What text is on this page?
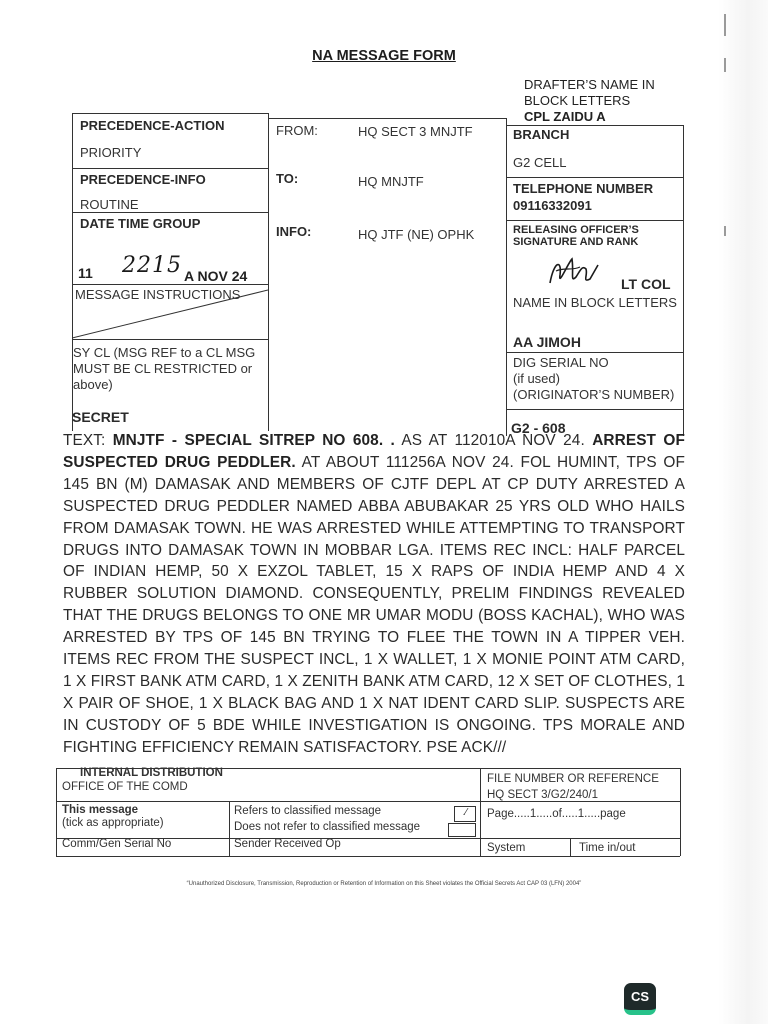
NA MESSAGE FORM
DRAFTER’S NAME IN
BLOCK LETTERS
CPL ZAIDU A
PRECEDENCE-ACTION
PRIORITY
PRECEDENCE-INFO
ROUTINE
DATE TIME GROUP
11 2215 A NOV 24
MESSAGE INSTRUCTIONS
SY CL (MSG REF to a CL MSG
MUST BE CL RESTRICTED or
above)
SECRET
FROM:	HQ SECT 3 MNJTF
TO:	HQ MNJTF
INFO:	HQ JTF (NE) OPHK
BRANCH
G2 CELL
TELEPHONE NUMBER
09116332091
RELEASING OFFICER’S
SIGNATURE AND RANK
LT COL
NAME IN BLOCK LETTERS
AA JIMOH
DIG SERIAL NO
(if used)
(ORIGINATOR’S NUMBER)
G2 - 608
TEXT: MNJTF - SPECIAL SITREP NO 608. . AS AT 112010A NOV 24. ARREST OF SUSPECTED DRUG PEDDLER. AT ABOUT 111256A NOV 24. FOL HUMINT, TPS OF 145 BN (M) DAMASAK AND MEMBERS OF CJTF DEPL AT CP DUTY ARRESTED A SUSPECTED DRUG PEDDLER NAMED ABBA ABUBAKAR 25 YRS OLD WHO HAILS FROM DAMASAK TOWN. HE WAS ARRESTED WHILE ATTEMPTING TO TRANSPORT DRUGS INTO DAMASAK TOWN IN MOBBAR LGA. ITEMS REC INCL: HALF PARCEL OF INDIAN HEMP, 50 X EXZOL TABLET, 15 X RAPS OF INDIA HEMP AND 4 X RUBBER SOLUTION DIAMOND. CONSEQUENTLY, PRELIM FINDINGS REVEALED THAT THE DRUGS BELONGS TO ONE MR UMAR MODU (BOSS KACHAL), WHO WAS ARRESTED BY TPS OF 145 BN TRYING TO FLEE THE TOWN IN A TIPPER VEH. ITEMS REC FROM THE SUSPECT INCL, 1 X WALLET, 1 X MONIE POINT ATM CARD, 1 X FIRST BANK ATM CARD, 1 X ZENITH BANK ATM CARD, 12 X SET OF CLOTHES, 1 X PAIR OF SHOE, 1 X BLACK BAG AND 1 X NAT IDENT CARD SLIP. SUSPECTS ARE IN CUSTODY OF 5 BDE WHILE INVESTIGATION IS ONGOING. TPS MORALE AND FIGHTING EFFICIENCY REMAIN SATISFACTORY. PSE ACK///
INTERNAL DISTRIBUTION
OFFICE OF THE COMD
FILE NUMBER OR REFERENCE
HQ SECT 3/G2/240/1
This message
(tick as appropriate)
Refers to classified message
Does not refer to classified message
.⁄	Page.....1.....of.....1.....page
Comm/Gen Serial No	Sender Received Op	System	Time in/out
“Unauthorized Disclosure, Transmission, Reproduction or Retention of Information on this Sheet violates the Official Secrets Act CAP 03 (LFN) 2004”
CS
